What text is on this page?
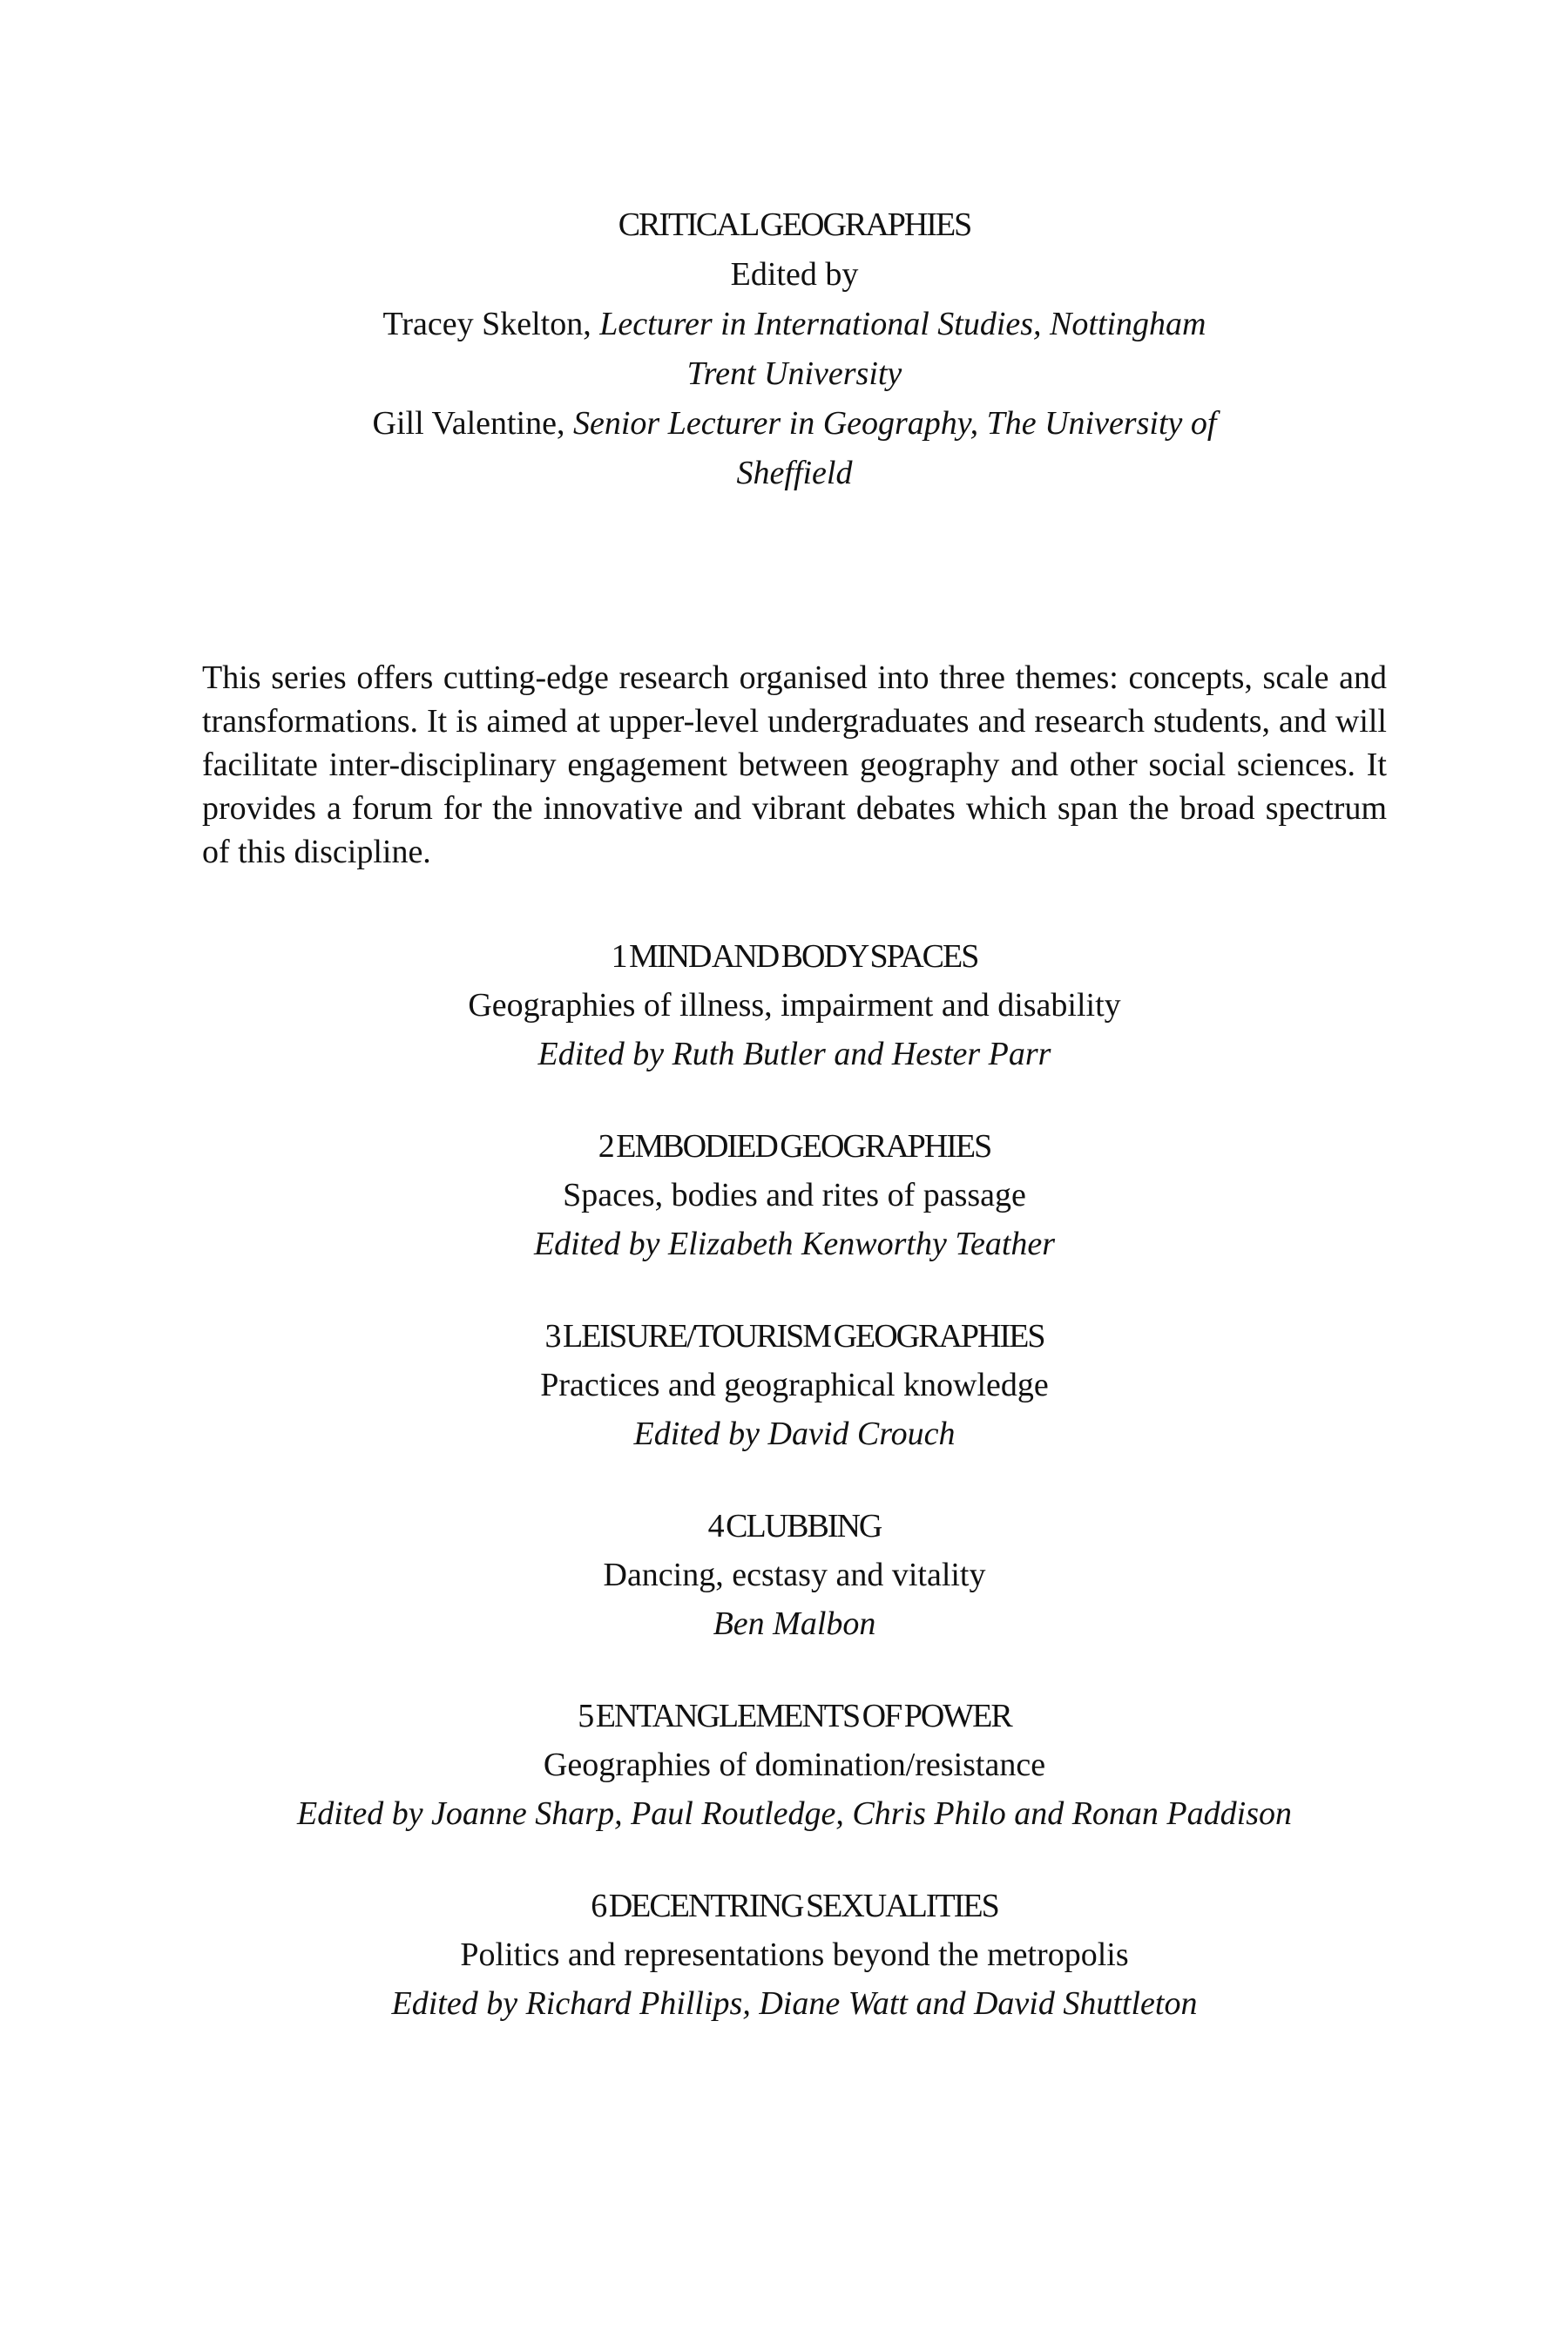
CRITICA L GEOGRAPHIES
Edited by
Tracey Skelton, Lecturer in International Studies, Nottingham
Trent University
Gill Valentine, Senior Lecturer in Geography, The University of
Sheffield
This series offers cutting-edge research organised into three themes: concepts, scale and transformations. It is aimed at upper-level undergraduates and research students, and will facilitate inter-disciplinary engagement between geography and other social sciences. It provides a forum for the innovative and vibrant debates which span the broad spectrum of this discipline.
1 MIND AND BODY SPACES
Geographies of illness, impairment and disability
Edited by Ruth Butler and Hester Parr
2 EMBODIED GEOGRAPHIES
Spaces, bodies and rites of passage
Edited by Elizabeth Kenworthy Teather
3 LEISURE/TOURISM GEOGRAPHIES
Practices and geographical knowledge
Edited by David Crouch
4 CLUBBING
Dancing, ecstasy and vitality
Ben Malbon
5 ENTANGLEMENTS OF POWER
Geographies of domination/resistance
Edited by Joanne Sharp, Paul Routledge, Chris Philo and Ronan Paddison
6 DECENTRING SEXUALITIES
Politics and representations beyond the metropolis
Edited by Richard Phillips, Diane Watt and David Shuttleton
